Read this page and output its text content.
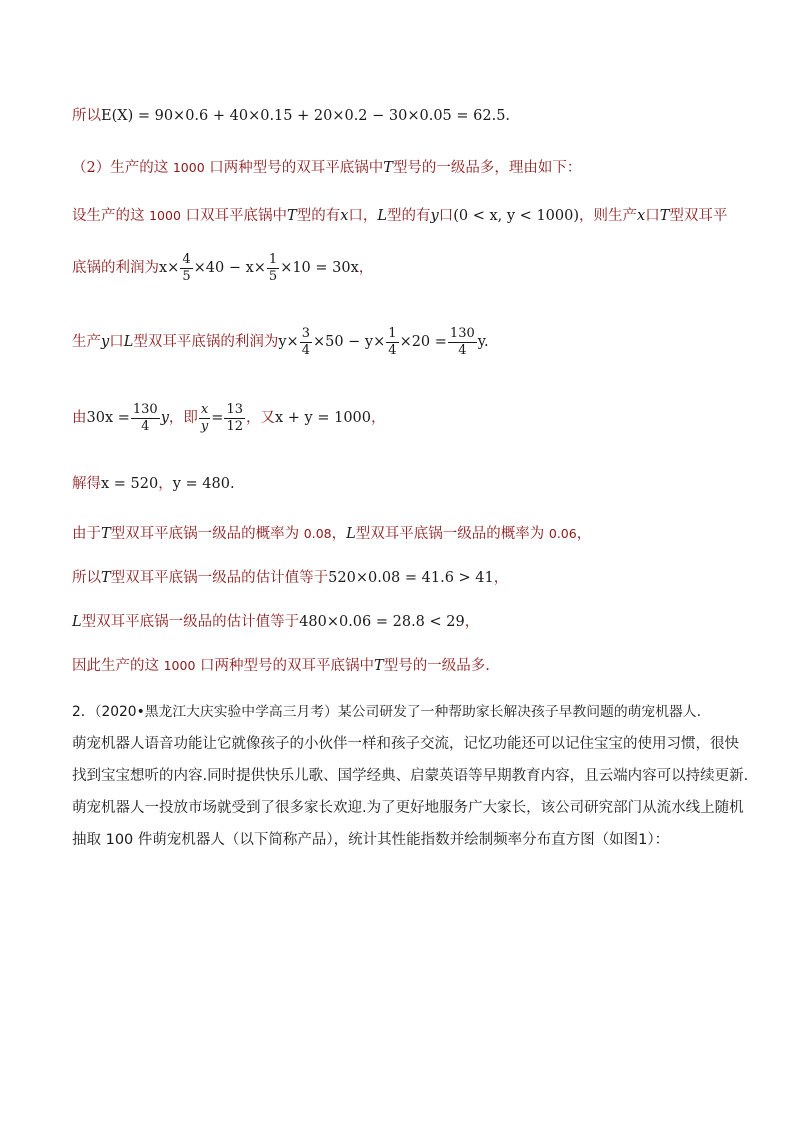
所以E(X) = 90×0.6 + 40×0.15 + 20×0.2 − 30×0.05 = 62.5.
（2）生产的这 1000 口两种型号的双耳平底锅中T型号的一级品多，理由如下：
设生产的这 1000 口双耳平底锅中T型的有x口，L型的有y口(0 < x, y < 1000)，则生产x口T型双耳平
底锅的利润为$x\times \frac{4}{5} \times 40 - x\times \frac{1}{5} \times 10 = 30x$，
生产y口L型双耳平底锅的利润为$y\times \frac{3}{4} \times 50 - y\times \frac{1}{4} \times 20 = \frac{130}{4} y$.
由$30x = \frac{130}{4}$ y，即 $\frac{x}{y} = \frac{13}{12}$ ，又x + y = 1000，
解得x = 520，y = 480.
由于T型双耳平底锅一级品的概率为 0.08，L型双耳平底锅一级品的概率为 0.06，
所以T型双耳平底锅一级品的估计值等于520×0.08 = 41.6 > 41，
L型双耳平底锅一级品的估计值等于480×0.06 = 28.8 < 29，
因此生产的这 1000 口两种型号的双耳平底锅中T型号的一级品多.
2．（2020•黑龙江大庆实验中学高三月考）某公司研发了一种帮助家长解决孩子早教问题的萌宠机器人.
萌宠机器人语音功能让它就像孩子的小伙伴一样和孩子交流，记忆功能还可以记住宝宝的使用习惯，很快
找到宝宝想听的内容.同时提供快乐儿歌、国学经典、启蒙英语等早期教育内容，且云端内容可以持续更新.
萌宠机器人一投放市场就受到了很多家长欢迎.为了更好地服务广大家长，该公司研究部门从流水线上随机
抽取 100 件萌宠机器人（以下简称产品），统计其性能指数并绘制频率分布直方图（如图1）：
